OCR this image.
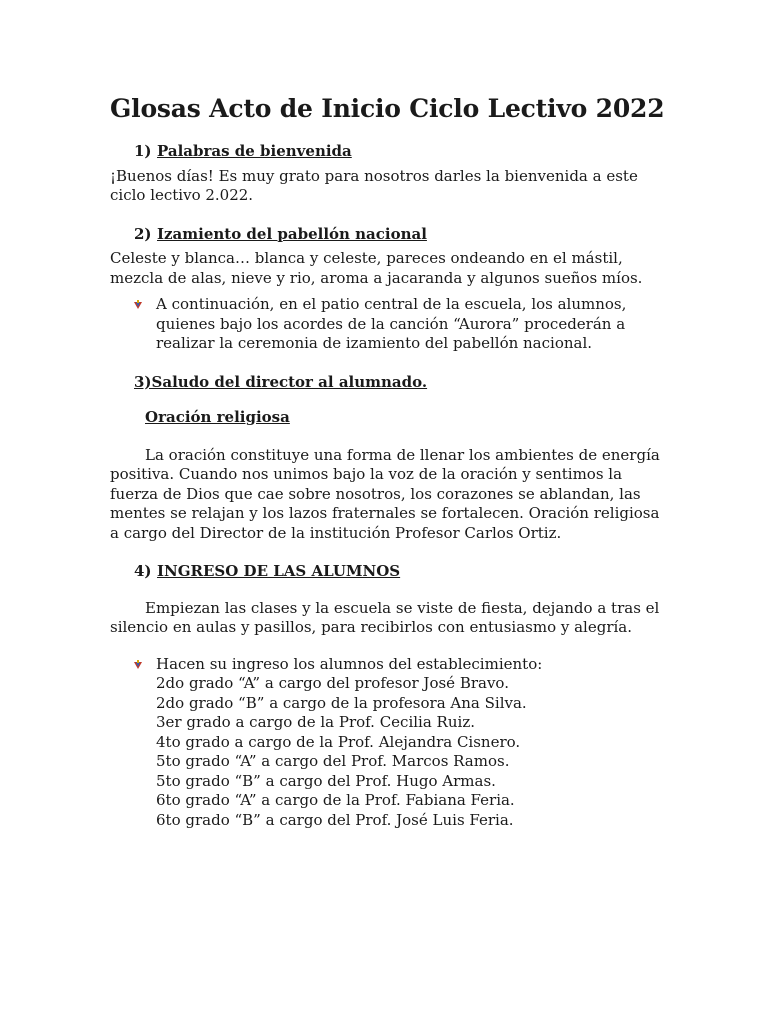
Glosas Acto de Inicio Ciclo Lectivo 2022
1) Palabras de bienvenida

¡Buenos días! Es muy grato para nosotros darles la bienvenida a este ciclo lectivo 2.022.

2) Izamiento del pabellón nacional

Celeste y blanca… blanca y celeste, pareces ondeando en el mástil, mezcla de alas, nieve y rio, aroma a jacaranda y algunos sueños míos.

A continuación, en el patio central de la escuela, los alumnos, quienes bajo los acordes de la canción “Aurora” procederán a realizar la ceremonia de izamiento del pabellón nacional.
3)Saludo del director al alumnado.
Oración religiosa

La oración constituye una forma de llenar los ambientes de energía positiva. Cuando nos unimos bajo la voz de la oración y sentimos la fuerza de Dios que cae sobre nosotros, los corazones se ablandan, las mentes se relajan y los lazos fraternales se fortalecen. Oración religiosa a cargo del Director de la institución Profesor Carlos Ortiz.

4) INGRESO DE LAS ALUMNOS

Empiezan las clases y la escuela se viste de fiesta, dejando a tras el silencio en aulas y pasillos, para recibirlos con entusiasmo y alegría.

Hacen su ingreso los alumnos del establecimiento:
2do grado “A” a cargo del profesor José Bravo.
2do grado “B” a cargo de la profesora Ana Silva.
3er grado a cargo de la Prof. Cecilia Ruiz.
4to grado a cargo de la Prof. Alejandra Cisnero.
5to grado “A” a cargo del Prof. Marcos Ramos.
5to grado “B” a cargo del Prof. Hugo Armas.
6to grado “A” a cargo de la Prof. Fabiana Feria.
6to grado “B” a cargo del Prof. José Luis Feria.
